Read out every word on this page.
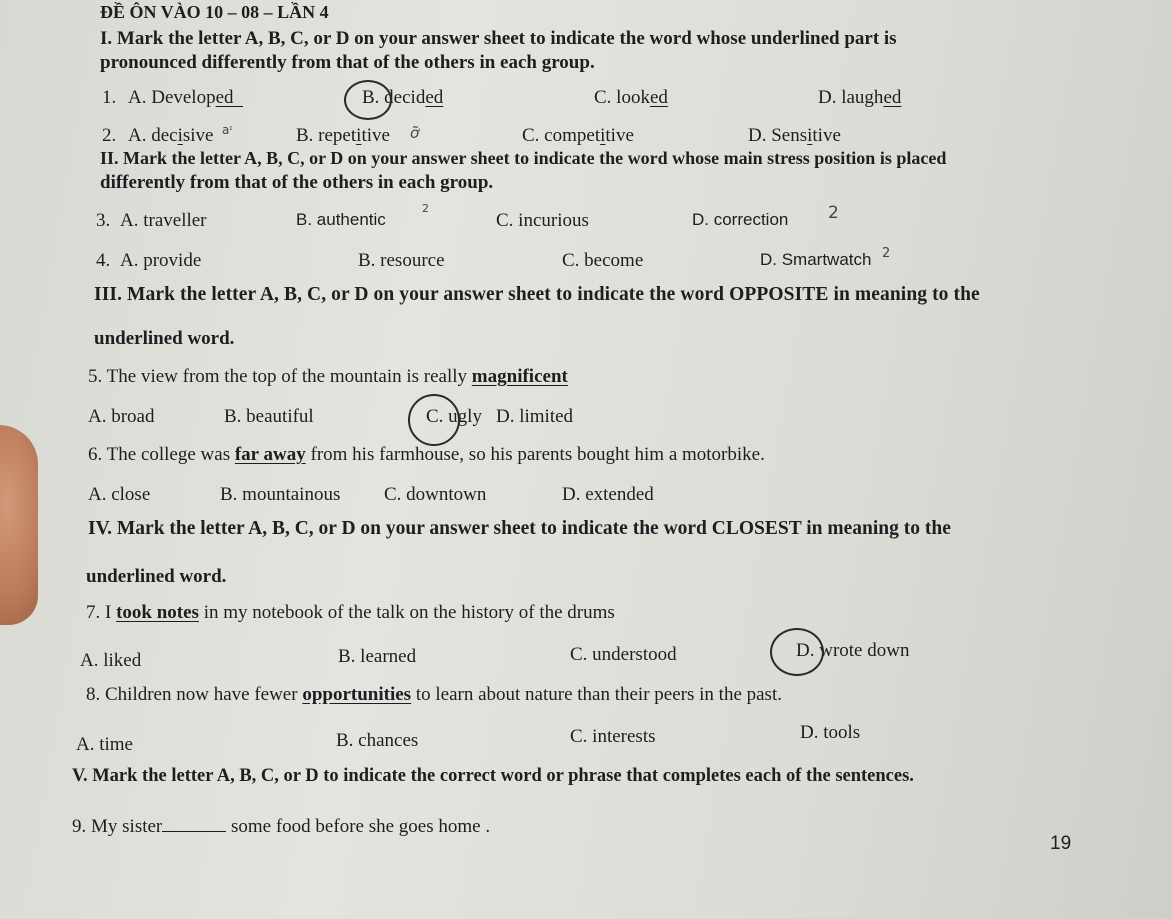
ĐỀ ÔN VÀO 10 – 08 – LẦN 4
I. Mark the letter A, B, C, or D on your answer sheet to indicate the word whose underlined part is
pronounced differently from that of the others in each group.
1. A. Developed	B. decided	C. looked	D. laughed
2. A. decisive aᶦ	B. repetitive ỡ	C. competitive	D. Sensitive
II. Mark the letter A, B, C, or D on your answer sheet to indicate the word whose main stress position is placed
differently from that of the others in each group.
3. A. traveller	B. authentic
2
C. incurious	D. correction 2
4. A. provide	B. resource	C. become	D. Smartwatch 2
III. Mark the letter A, B, C, or D on your answer sheet to indicate the word OPPOSITE in meaning to the
underlined word.
5. The view from the top of the mountain is really magnificent
A. broad	B. beautiful	C. ugly D. limited
6. The college was far away from his farmhouse, so his parents bought him a motorbike.
A. close	B. mountainous C. downtown	D. extended
IV. Mark the letter A, B, C, or D on your answer sheet to indicate the word CLOSEST in meaning to the
underlined word.
7. I took notes in my notebook of the talk on the history of the drums
A. liked	B. learned	C. understood	D. wrote down
8. Children now have fewer opportunities to learn about nature than their peers in the past.
A. time	B. chances	C. interests	D. tools
V. Mark the letter A, B, C, or D to indicate the correct word or phrase that completes each of the sentences.
9. My sister	some food before she goes home .
19
